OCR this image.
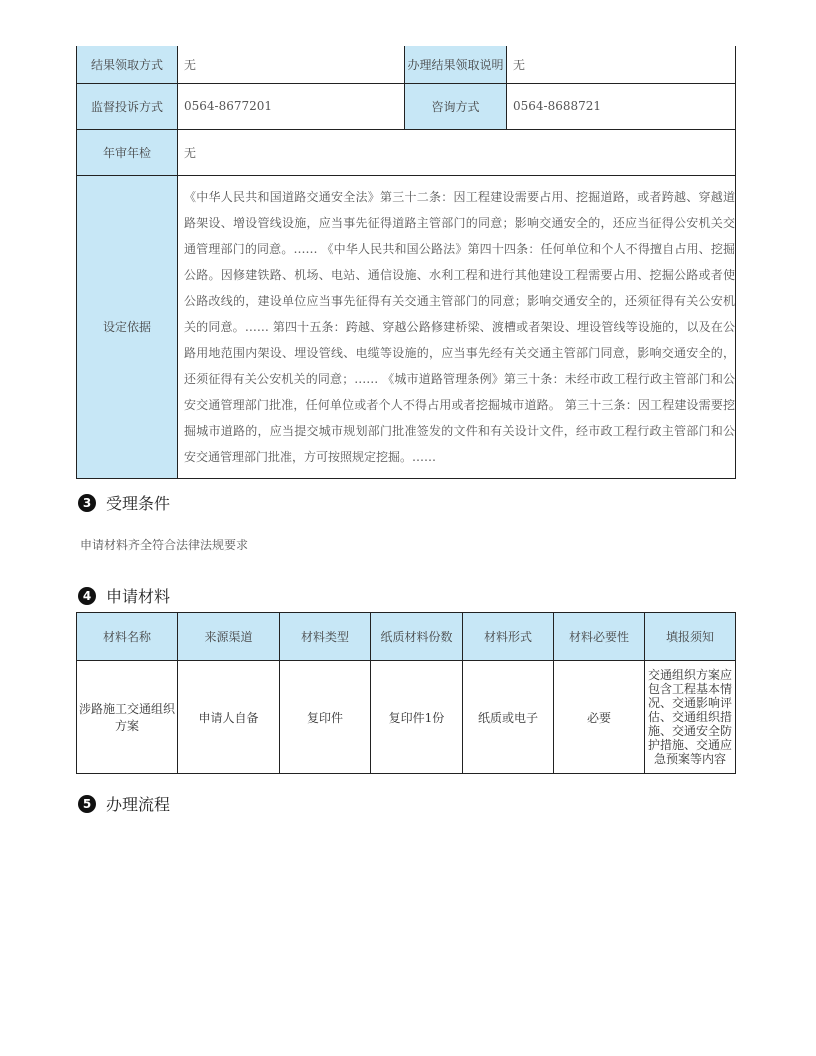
结果领取方式	无	办理结果领取说明	无
监督投诉方式	0564-8677201	咨询方式	0564-8688721
年审年检	无		
设定依据	《中华人民共和国道路交通安全法》第三十二条：因工程建设需要占用、挖掘道路，或者跨越、穿越道路架设、增设管线设施，应当事先征得道路主管部门的同意；影响交通安全的，还应当征得公安机关交通管理部门的同意。…… 《中华人民共和国公路法》第四十四条：任何单位和个人不得擅自占用、挖掘公路。因修建铁路、机场、电站、通信设施、水利工程和进行其他建设工程需要占用、挖掘公路或者使公路改线的，建设单位应当事先征得有关交通主管部门的同意；影响交通安全的，还须征得有关公安机关的同意。…… 第四十五条：跨越、穿越公路修建桥梁、渡槽或者架设、埋设管线等设施的，以及在公路用地范围内架设、埋设管线、电缆等设施的，应当事先经有关交通主管部门同意，影响交通安全的，还须征得有关公安机关的同意；…… 《城市道路管理条例》第三十条：未经市政工程行政主管部门和公安交通管理部门批准，任何单位或者个人不得占用或者挖掘城市道路。 第三十三条：因工程建设需要挖掘城市道路的，应当提交城市规划部门批准签发的文件和有关设计文件，经市政工程行政主管部门和公安交通管理部门批准，方可按照规定挖掘。……		
3 受理条件
申请材料齐全符合法律法规要求
4 申请材料
材料名称	来源渠道	材料类型	纸质材料份数	材料形式	材料必要性	填报须知
涉路施工交通组织方案	申请人自备	复印件	复印件1份	纸质或电子	必要	交通组织方案应包含工程基本情况、交通影响评估、交通组织措施、交通安全防护措施、交通应急预案等内容
5 办理流程
